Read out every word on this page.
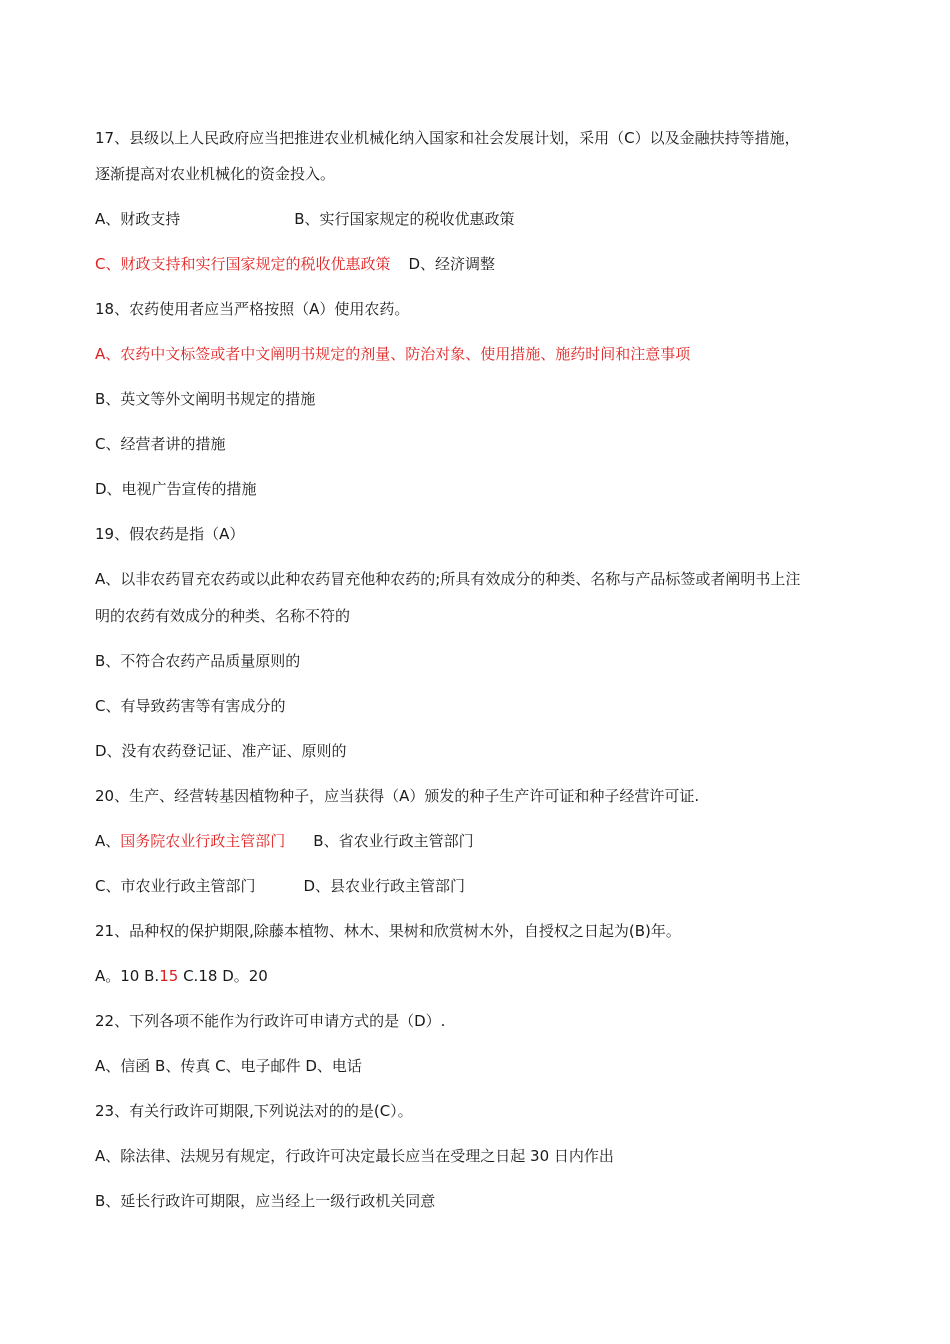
17、县级以上人民政府应当把推进农业机械化纳入国家和社会发展计划，采用（C）以及金融扶持等措施，
逐渐提高对农业机械化的资金投入。
A、财政支持	B、实行国家规定的税收优惠政策
C、财政支持和实行国家规定的税收优惠政策 D、经济调整
18、农药使用者应当严格按照（A）使用农药。
A、农药中文标签或者中文阐明书规定的剂量、防治对象、使用措施、施药时间和注意事项
B、英文等外文阐明书规定的措施
C、经营者讲的措施
D、电视广告宣传的措施
19、假农药是指（A）
A、以非农药冒充农药或以此种农药冒充他种农药的;所具有效成分的种类、名称与产品标签或者阐明书上注
明的农药有效成分的种类、名称不符的
B、不符合农药产品质量原则的
C、有导致药害等有害成分的
D、没有农药登记证、准产证、原则的
20、生产、经营转基因植物种子，应当获得（A）颁发的种子生产许可证和种子经营许可证.
A、国务院农业行政主管部门 B、省农业行政主管部门
C、市农业行政主管部门	D、县农业行政主管部门
21、品种权的保护期限,除藤本植物、林木、果树和欣赏树木外，自授权之日起为(B)年。
A。10 B.15 C.18 D。20
22、下列各项不能作为行政许可申请方式的是（D）.
A、信函 B、传真 C、电子邮件 D、电话
23、有关行政许可期限,下列说法对的的是(C）。
A、除法律、法规另有规定，行政许可决定最长应当在受理之日起 30 日内作出
B、延长行政许可期限，应当经上一级行政机关同意
